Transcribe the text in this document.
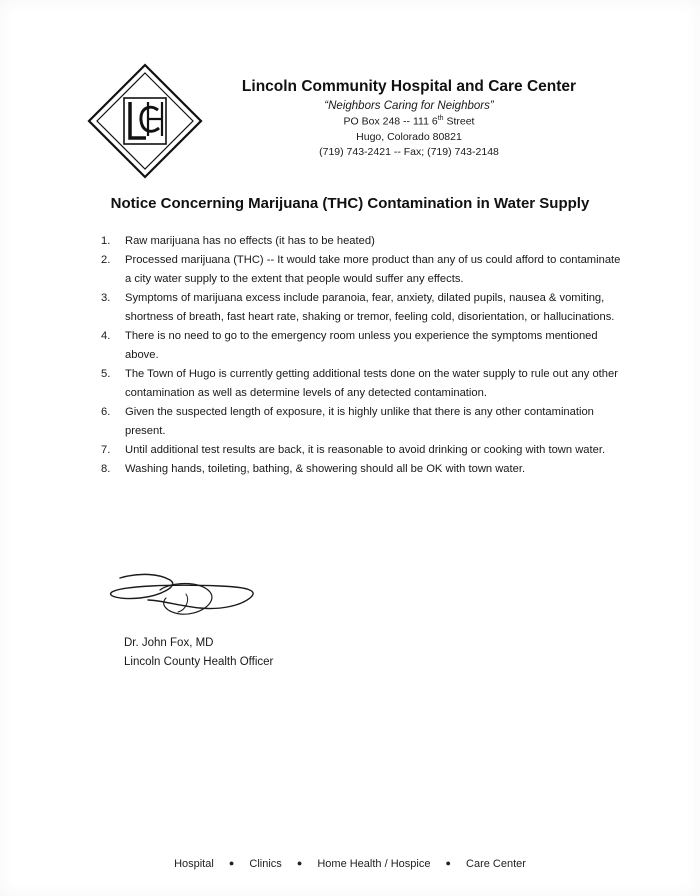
Lincoln Community Hospital and Care Center
“Neighbors Caring for Neighbors”
PO Box 248 -- 111 6th Street
Hugo, Colorado 80821
(719) 743-2421 -- Fax; (719) 743-2148
Notice Concerning Marijuana (THC) Contamination in Water Supply
1.	Raw marijuana has no effects (it has to be heated)
2.	Processed marijuana (THC) -- It would take more product than any of us could afford to contaminate a city water supply to the extent that people would suffer any effects.
3.	Symptoms of marijuana excess include paranoia, fear, anxiety, dilated pupils, nausea & vomiting, shortness of breath, fast heart rate, shaking or tremor, feeling cold, disorientation, or hallucinations.
4.	There is no need to go to the emergency room unless you experience the symptoms mentioned above.
5.	The Town of Hugo is currently getting additional tests done on the water supply to rule out any other contamination as well as determine levels of any detected contamination.
6.	Given the suspected length of exposure, it is highly unlike that there is any other contamination present.
7.	Until additional test results are back, it is reasonable to avoid drinking or cooking with town water.
8.	Washing hands, toileting, bathing, & showering should all be OK with town water.
Dr. John Fox, MD
Lincoln County Health Officer
Hospital ● Clinics ● Home Health / Hospice ● Care Center
